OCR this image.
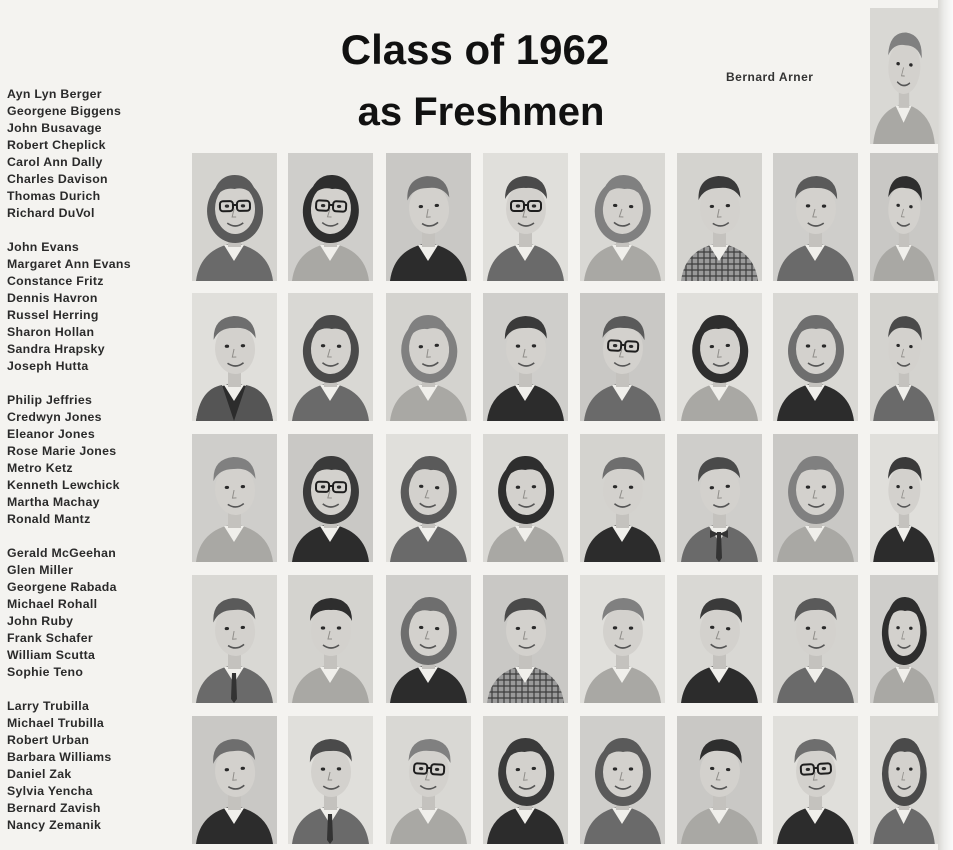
Class of 1962
as Freshmen
Bernard Arner
Ayn Lyn Berger
Georgene Biggens
John Busavage
Robert Cheplick
Carol Ann Dally
Charles Davison
Thomas Durich
Richard DuVol
John Evans
Margaret Ann Evans
Constance Fritz
Dennis Havron
Russel Herring
Sharon Hollan
Sandra Hrapsky
Joseph Hutta
Philip Jeffries
Credwyn Jones
Eleanor Jones
Rose Marie Jones
Metro Ketz
Kenneth Lewchick
Martha Machay
Ronald Mantz
Gerald McGeehan
Glen Miller
Georgene Rabada
Michael Rohall
John Ruby
Frank Schafer
William Scutta
Sophie Teno
Larry Trubilla
Michael Trubilla
Robert Urban
Barbara Williams
Daniel Zak
Sylvia Yencha
Bernard Zavish
Nancy Zemanik
